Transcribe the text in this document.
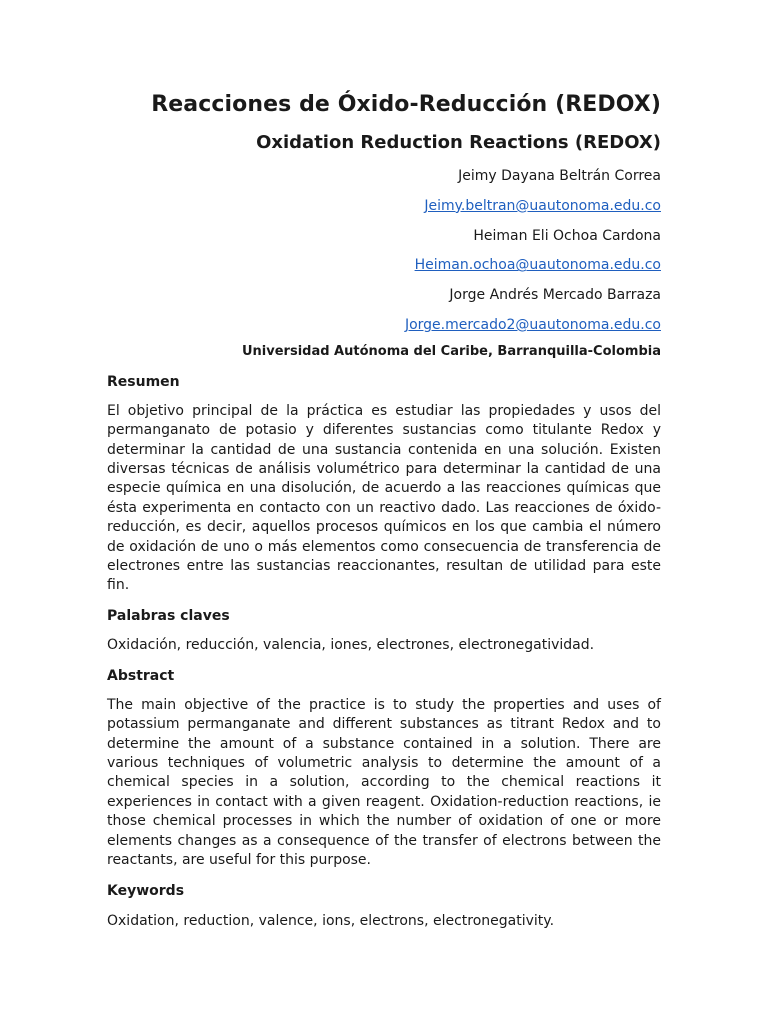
Reacciones de Óxido-Reducción (REDOX)
Oxidation Reduction Reactions (REDOX)

Jeimy Dayana Beltrán Correa

Jeimy.beltran@uautonoma.edu.co

Heiman Eli Ochoa Cardona

Heiman.ochoa@uautonoma.edu.co

Jorge Andrés Mercado Barraza

Jorge.mercado2@uautonoma.edu.co

Universidad Autónoma del Caribe, Barranquilla-Colombia

Resumen

El objetivo principal de la práctica es estudiar las propiedades y usos del permanganato de potasio y diferentes sustancias como titulante Redox y determinar la cantidad de una sustancia contenida en una solución. Existen diversas técnicas de análisis volumétrico para determinar la cantidad de una especie química en una disolución, de acuerdo a las reacciones químicas que ésta experimenta en contacto con un reactivo dado. Las reacciones de óxido-reducción, es decir, aquellos procesos químicos en los que cambia el número de oxidación de uno o más elementos como consecuencia de transferencia de electrones entre las sustancias reaccionantes, resultan de utilidad para este fin.

Palabras claves

Oxidación, reducción, valencia, iones, electrones, electronegatividad.

Abstract

The main objective of the practice is to study the properties and uses of potassium permanganate and different substances as titrant Redox and to determine the amount of a substance contained in a solution. There are various techniques of volumetric analysis to determine the amount of a chemical species in a solution, according to the chemical reactions it experiences in contact with a given reagent. Oxidation-reduction reactions, ie those chemical processes in which the number of oxidation of one or more elements changes as a consequence of the transfer of electrons between the reactants, are useful for this purpose.

Keywords

Oxidation, reduction, valence, ions, electrons, electronegativity.
